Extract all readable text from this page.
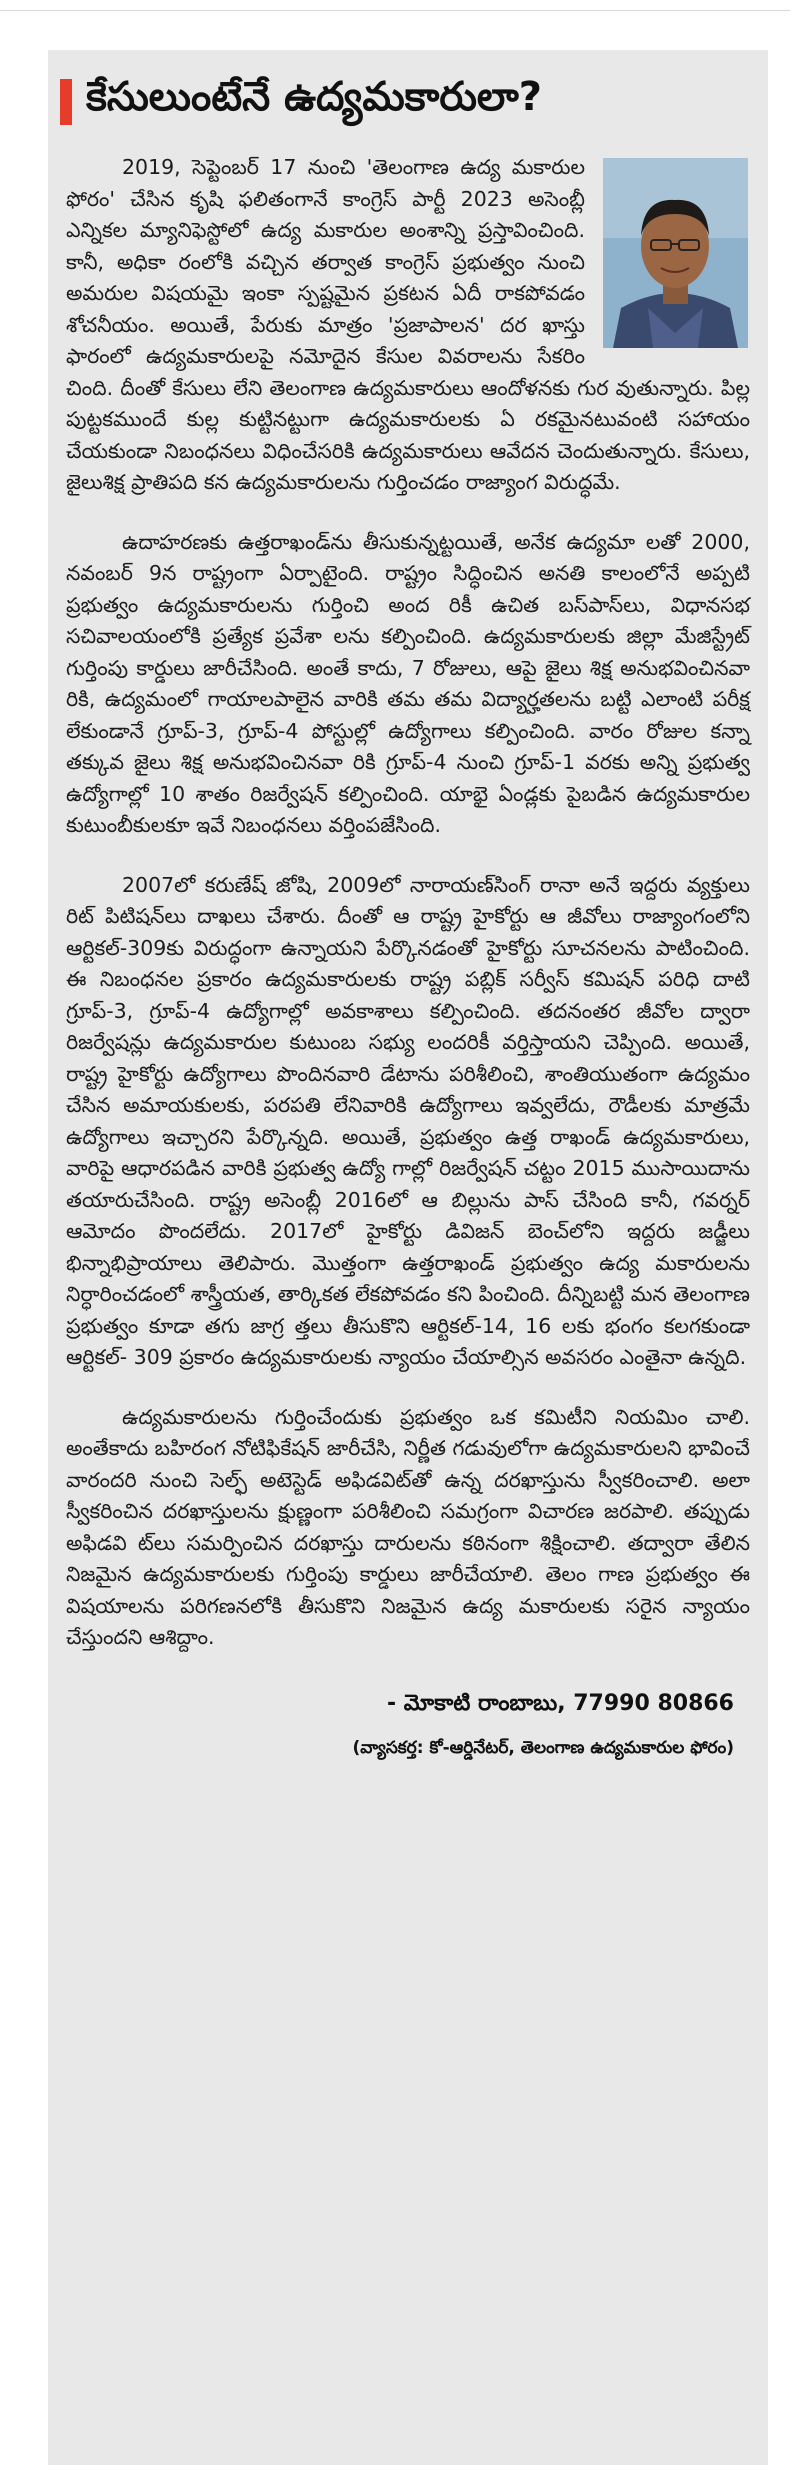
కేసులుంటేనే ఉద్యమకారులా?

2019, సెప్టెంబర్ 17 నుంచి 'తెలంగాణ ఉద్య మకారుల ఫోరం' చేసిన కృషి ఫలితంగానే కాంగ్రెస్ పార్టీ 2023 అసెంబ్లీ ఎన్నికల మ్యానిఫెస్టోలో ఉద్య మకారుల అంశాన్ని ప్రస్తావించింది. కానీ, అధికా రంలోకి వచ్చిన తర్వాత కాంగ్రెస్ ప్రభుత్వం నుంచి అమరుల విషయమై ఇంకా స్పష్టమైన ప్రకటన ఏదీ రాకపోవడం శోచనీయం. అయితే, పేరుకు మాత్రం 'ప్రజాపాలన' దర ఖాస్తు ఫారంలో ఉద్యమకారులపై నమోదైన కేసుల వివరాలను సేకరిం చింది. దీంతో కేసులు లేని తెలంగాణ ఉద్యమకారులు ఆందోళనకు గుర వుతున్నారు. పిల్ల పుట్టకముందే కుల్ల కుట్టినట్టుగా ఉద్యమకారులకు ఏ రకమైనటువంటి సహాయం చేయకుండా నిబంధనలు విధించేసరికి ఉద్యమకారులు ఆవేదన చెందుతున్నారు. కేసులు, జైలుశిక్ష ప్రాతిపది కన ఉద్యమకారులను గుర్తించడం రాజ్యాంగ విరుద్ధమే.

ఉదాహరణకు ఉత్తరాఖండ్‌ను తీసుకున్నట్టయితే, అనేక ఉద్యమా లతో 2000, నవంబర్ 9న రాష్ట్రంగా ఏర్పాటైంది. రాష్ట్రం సిద్ధించిన అనతి కాలంలోనే అప్పటి ప్రభుత్వం ఉద్యమకారులను గుర్తించి అంద రికీ ఉచిత బస్‌పాస్‌లు, విధానసభ సచివాలయంలోకి ప్రత్యేక ప్రవేశా లను కల్పించింది. ఉద్యమకారులకు జిల్లా మేజిస్ట్రేట్ గుర్తింపు కార్డులు జారీచేసింది. అంతే కాదు, 7 రోజులు, ఆపై జైలు శిక్ష అనుభవించినవా రికి, ఉద్యమంలో గాయాలపాలైన వారికి తమ తమ విద్యార్హతలను బట్టి ఎలాంటి పరీక్ష లేకుండానే గ్రూప్-3, గ్రూప్-4 పోస్టుల్లో ఉద్యోగాలు కల్పించింది. వారం రోజుల కన్నా తక్కువ జైలు శిక్ష అనుభవించినవా రికి గ్రూప్-4 నుంచి గ్రూప్-1 వరకు అన్ని ప్రభుత్వ ఉద్యోగాల్లో 10 శాతం రిజర్వేషన్ కల్పించింది. యాభై ఏండ్లకు పైబడిన ఉద్యమకారుల కుటుంబీకులకూ ఇవే నిబంధనలు వర్తింపజేసింది.

2007లో కరుణేష్ జోషి, 2009లో నారాయణ్‌సింగ్ రానా అనే ఇద్దరు వ్యక్తులు రిట్ పిటిషన్‌లు దాఖలు చేశారు. దీంతో ఆ రాష్ట్ర హైకోర్టు ఆ జీవోలు రాజ్యాంగంలోని ఆర్టికల్-309కు విరుద్ధంగా ఉన్నాయని పేర్కొనడంతో హైకోర్టు సూచనలను పాటించింది. ఈ నిబంధనల ప్రకారం ఉద్యమకారులకు రాష్ట్ర పబ్లిక్ సర్వీస్ కమిషన్ పరిధి దాటి గ్రూప్-3, గ్రూప్-4 ఉద్యోగాల్లో అవకాశాలు కల్పించింది. తదనంతర జీవోల ద్వారా రిజర్వేషన్లు ఉద్యమకారుల కుటుంబ సభ్యు లందరికీ వర్తిస్తాయని చెప్పింది. అయితే, రాష్ట్ర హైకోర్టు ఉద్యోగాలు పొందినవారి డేటాను పరిశీలించి, శాంతియుతంగా ఉద్యమం చేసిన అమాయకులకు, పరపతి లేనివారికి ఉద్యోగాలు ఇవ్వలేదు, రౌడీలకు మాత్రమే ఉద్యోగాలు ఇచ్చారని పేర్కొన్నది. అయితే, ప్రభుత్వం ఉత్త రాఖండ్ ఉద్యమకారులు, వారిపై ఆధారపడిన వారికి ప్రభుత్వ ఉద్యో గాల్లో రిజర్వేషన్ చట్టం 2015 ముసాయిదాను తయారుచేసింది. రాష్ట్ర అసెంబ్లీ 2016లో ఆ బిల్లును పాస్ చేసింది కానీ, గవర్నర్ ఆమోదం పొందలేదు. 2017లో హైకోర్టు డివిజన్ బెంచ్‌లోని ఇద్దరు జడ్జీలు భిన్నాభిప్రాయాలు తెలిపారు. మొత్తంగా ఉత్తరాఖండ్ ప్రభుత్వం ఉద్య మకారులను నిర్ధారించడంలో శాస్త్రీయత, తార్కికత లేకపోవడం కని పించింది. దీన్నిబట్టి మన తెలంగాణ ప్రభుత్వం కూడా తగు జాగ్ర త్తలు తీసుకొని ఆర్టికల్-14, 16 లకు భంగం కలగకుండా ఆర్టికల్- 309 ప్రకారం ఉద్యమకారులకు న్యాయం చేయాల్సిన అవసరం ఎంతైనా ఉన్నది.

ఉద్యమకారులను గుర్తించేందుకు ప్రభుత్వం ఒక కమిటీని నియమిం చాలి. అంతేకాదు బహిరంగ నోటిఫికేషన్ జారీచేసి, నిర్ణీత గడువులోగా ఉద్యమకారులని భావించే వారందరి నుంచి సెల్ఫ్ అటెస్టెడ్ అఫిడవిట్‌తో ఉన్న దరఖాస్తును స్వీకరించాలి. అలా స్వీకరించిన దరఖాస్తులను క్షుణ్ణంగా పరిశీలించి సమగ్రంగా విచారణ జరపాలి. తప్పుడు అఫిడవి ట్‌లు సమర్పించిన దరఖాస్తు దారులను కఠినంగా శిక్షించాలి. తద్వారా తేలిన నిజమైన ఉద్యమకారులకు గుర్తింపు కార్డులు జారీచేయాలి. తెలం గాణ ప్రభుత్వం ఈ విషయాలను పరిగణనలోకి తీసుకొని నిజమైన ఉద్య మకారులకు సరైన న్యాయం చేస్తుందని ఆశిద్దాం.

- మోకాటి రాంబాబు, 77990 80866
(వ్యాసకర్త: కో-ఆర్డినేటర్, తెలంగాణ ఉద్యమకారుల ఫోరం)
